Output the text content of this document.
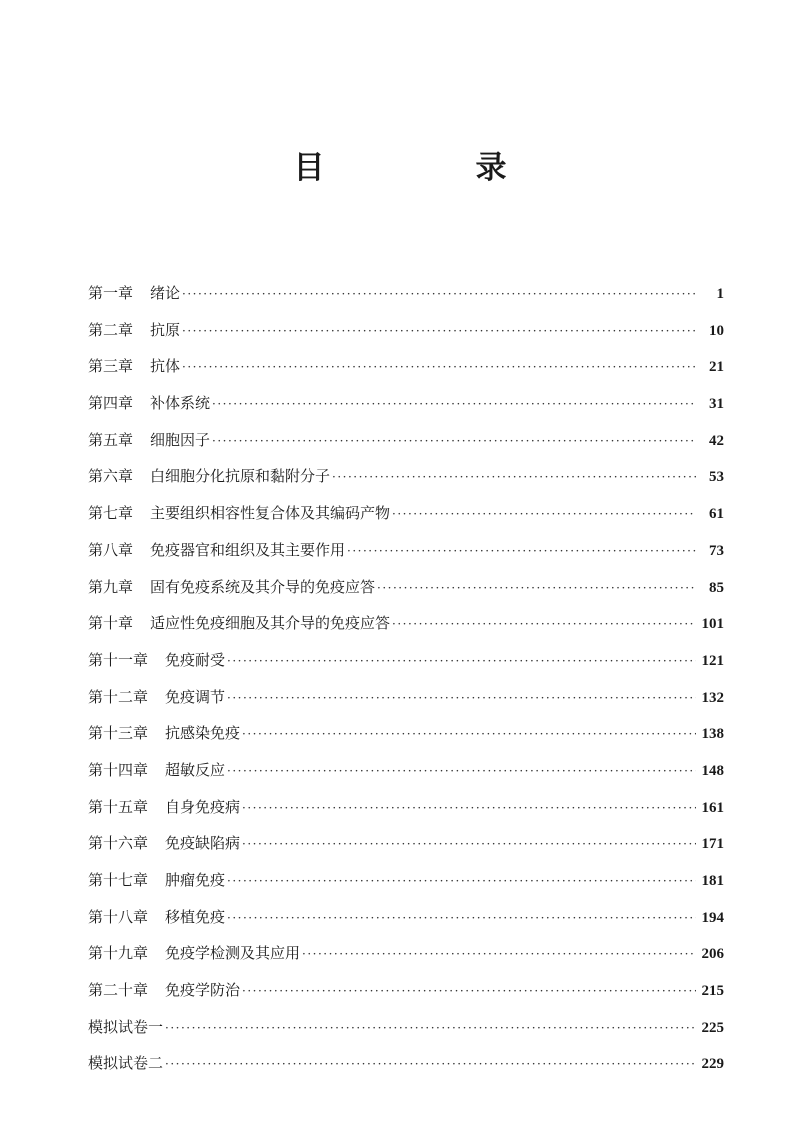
目　录
第一章 绪论 ·····	1
第二章 抗原 ·····	10
第三章 抗体 ·····	21
第四章 补体系统 ·····	31
第五章 细胞因子 ·····	42
第六章 白细胞分化抗原和黏附分子 ·····	53
第七章 主要组织相容性复合体及其编码产物 ·····	61
第八章 免疫器官和组织及其主要作用 ·····	73
第九章 固有免疫系统及其介导的免疫应答 ·····	85
第十章 适应性免疫细胞及其介导的免疫应答 ·····	101
第十一章 免疫耐受 ·····	121
第十二章 免疫调节 ·····	132
第十三章 抗感染免疫 ·····	138
第十四章 超敏反应 ·····	148
第十五章 自身免疫病 ·····	161
第十六章 免疫缺陷病 ·····	171
第十七章 肿瘤免疫 ·····	181
第十八章 移植免疫 ·····	194
第十九章 免疫学检测及其应用 ·····	206
第二十章 免疫学防治 ·····	215
模拟试卷一 ·····	225
模拟试卷二 ·····	229
